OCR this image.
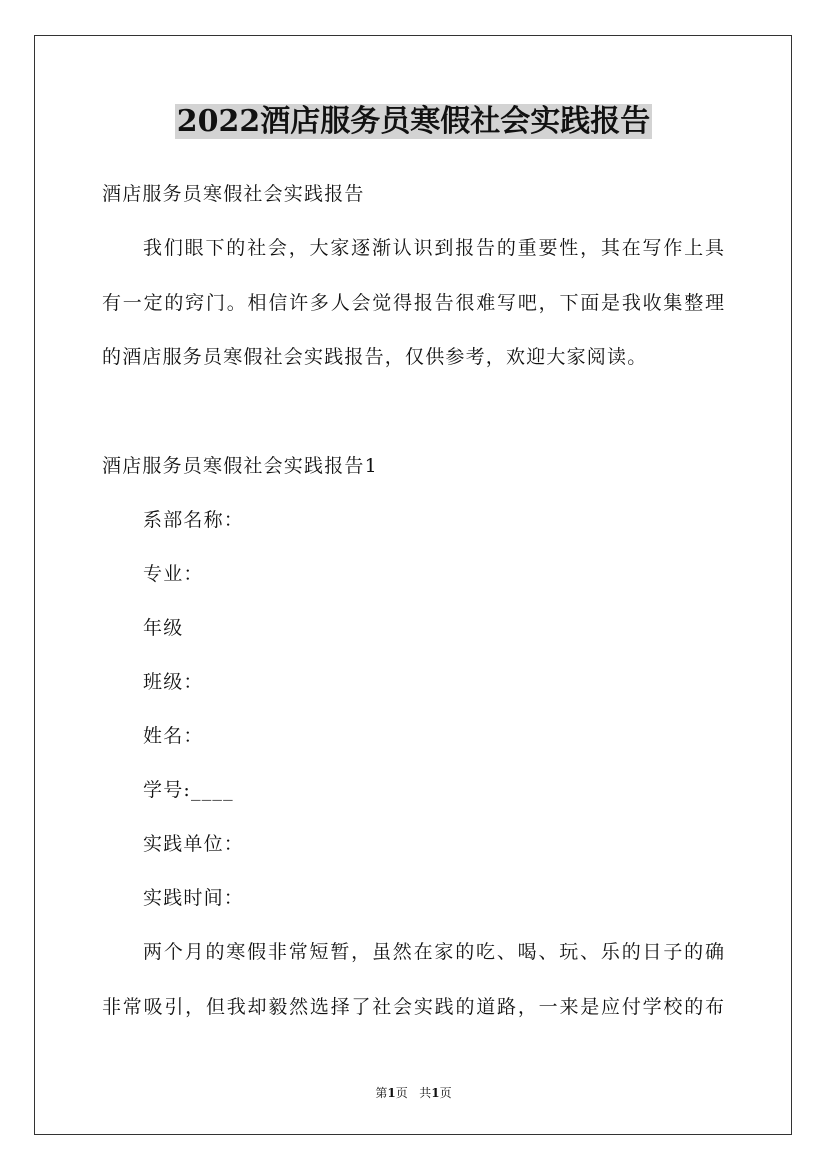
2022酒店服务员寒假社会实践报告
酒店服务员寒假社会实践报告
我们眼下的社会，大家逐渐认识到报告的重要性，其在写作上具
有一定的窍门。相信许多人会觉得报告很难写吧，下面是我收集整理
的酒店服务员寒假社会实践报告，仅供参考，欢迎大家阅读。
酒店服务员寒假社会实践报告1
系部名称：
专业：
年级
班级：
姓名：
学号:____
实践单位：
实践时间：
两个月的寒假非常短暂，虽然在家的吃、喝、玩、乐的日子的确
非常吸引，但我却毅然选择了社会实践的道路，一来是应付学校的布
第1页 共1页
